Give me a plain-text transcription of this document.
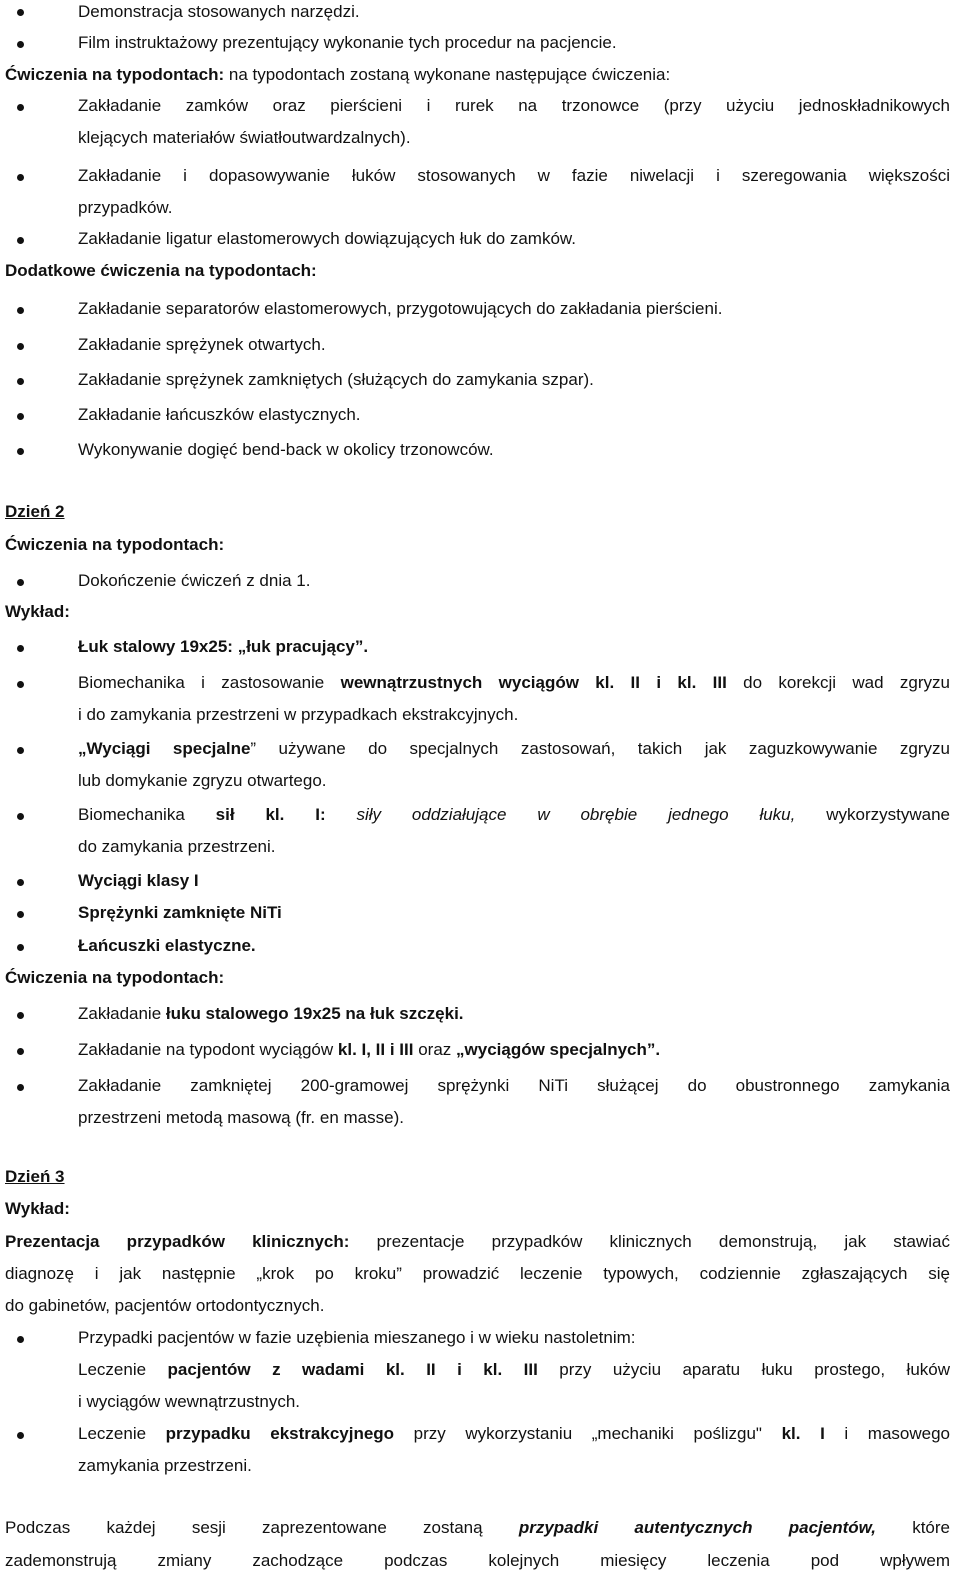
Demonstracja stosowanych narzędzi.
Film instruktażowy prezentujący wykonanie tych procedur na pacjencie.
Ćwiczenia na typodontach: na typodontach zostaną wykonane następujące ćwiczenia:
Zakładanie zamków oraz pierścieni i rurek na trzonowce (przy użyciu jednoskładnikowych
klejących materiałów światłoutwardzalnych).
Zakładanie i dopasowywanie łuków stosowanych w fazie niwelacji i szeregowania większości
przypadków.
Zakładanie ligatur elastomerowych dowiązujących łuk do zamków.
Dodatkowe ćwiczenia na typodontach:
Zakładanie separatorów elastomerowych, przygotowujących do zakładania pierścieni.
Zakładanie sprężynek otwartych.
Zakładanie sprężynek zamkniętych (służących do zamykania szpar).
Zakładanie łańcuszków elastycznych.
Wykonywanie dogięć bend-back w okolicy trzonowców.
Dzień 2
Ćwiczenia na typodontach:
Dokończenie ćwiczeń z dnia 1.
Wykład:
Łuk stalowy 19x25: „łuk pracujący”.
Biomechanika i zastosowanie wewnątrzustnych wyciągów kl. II i kl. III do korekcji wad zgryzu
i do zamykania przestrzeni w przypadkach ekstrakcyjnych.
„Wyciągi specjalne” używane do specjalnych zastosowań, takich jak zaguzkowywanie zgryzu
lub domykanie zgryzu otwartego.
Biomechanika sił kl. I: siły oddziałujące w obrębie jednego łuku, wykorzystywane
do zamykania przestrzeni.
Wyciągi klasy I
Sprężynki zamknięte NiTi
Łańcuszki elastyczne.
Ćwiczenia na typodontach:
Zakładanie łuku stalowego 19x25 na łuk szczęki.
Zakładanie na typodont wyciągów kl. I, II i III oraz „wyciągów specjalnych”.
Zakładanie zamkniętej 200-gramowej sprężynki NiTi służącej do obustronnego zamykania
przestrzeni metodą masową (fr. en masse).
Dzień 3
Wykład:
Prezentacja przypadków klinicznych: prezentacje przypadków klinicznych demonstrują, jak stawiać
diagnozę i jak następnie „krok po kroku” prowadzić leczenie typowych, codziennie zgłaszających się
do gabinetów, pacjentów ortodontycznych.
Przypadki pacjentów w fazie uzębienia mieszanego i w wieku nastoletnim:
Leczenie pacjentów z wadami kl. II i kl. III przy użyciu aparatu łuku prostego, łuków
i wyciągów wewnątrzustnych.
Leczenie przypadku ekstrakcyjnego przy wykorzystaniu „mechaniki poślizgu" kl. I i masowego
zamykania przestrzeni.
Podczas każdej sesji zaprezentowane zostaną przypadki autentycznych pacjentów, które
zademonstrują zmiany zachodzące podczas kolejnych miesięcy leczenia pod wpływem
